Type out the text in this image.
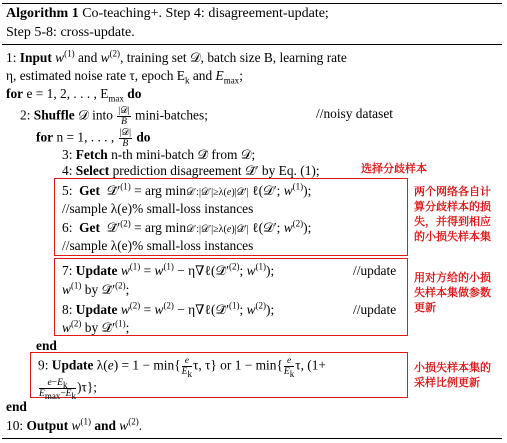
Algorithm 1 Co-teaching+. Step 4: disagreement-update;
Step 5-8: cross-update.
1: Input $w^{(1)}$ and $w^{(2)}$, training set 𝒟, batch size B, learning rate
η, estimated noise rate τ, epoch $E_k$ and $E_{max}$;
for e = 1, 2, . . . , $E_{max}$ do
2: Shuffle 𝒟 into $\frac{\text{|𝒟|}}{B}$ mini-batches;	//noisy dataset
for n = 1, . . . , $\frac{\text{|𝒟|}}{B}$ do
3: Fetch n-th mini-batch 𝒟̄ from 𝒟;
4: Select prediction disagreement 𝒟̄′ by Eq. (1);	选择分歧样本
5: Get  $𝒟̄'^{(1)}$ = arg min𝒟′:|𝒟′|≥λ(e)|𝒟̄′| ℓ(𝒟′; $w^{(1)}$);
//sample λ(e)% small-loss instances
6: Get  $𝒟̄'^{(2)}$ = arg min𝒟′:|𝒟′|≥λ(e)|𝒟̄′| ℓ(𝒟′; $w^{(2)}$);
//sample λ(e)% small-loss instances
两个网络各自计
算分歧样本的损
失，并得到相应
的小损失样本集
7: Update $w^{(1)} = w^{(1)}$ − $\eta\nabla\ell(𝒟̄'^{(2)}$; $w^{(1)}$);	//update
$w^{(1)}$ by $𝒟̄'^{(2)}$;
8: Update $w^{(2)} = w^{(2)}$ − $\eta\nabla\ell(𝒟̄'^{(1)}$; $w^{(2)}$);	//update
$w^{(2)}$ by $𝒟̄'^{(1)}$;
用对方给的小损
失样本集做参数
更新
end
9: Update $\lambda(e) = 1 - \min\{ \frac{e}{E_k} \tau$, τ} or $1 - \min\{ \frac{e}{E_k} \tau$, (1+
$\frac{e-E_k}{E_{max}-E_k} )\tau$};
小损失样本集的
采样比例更新
end
10: Output $w^{(1)}$ and $w^{(2)}$.
